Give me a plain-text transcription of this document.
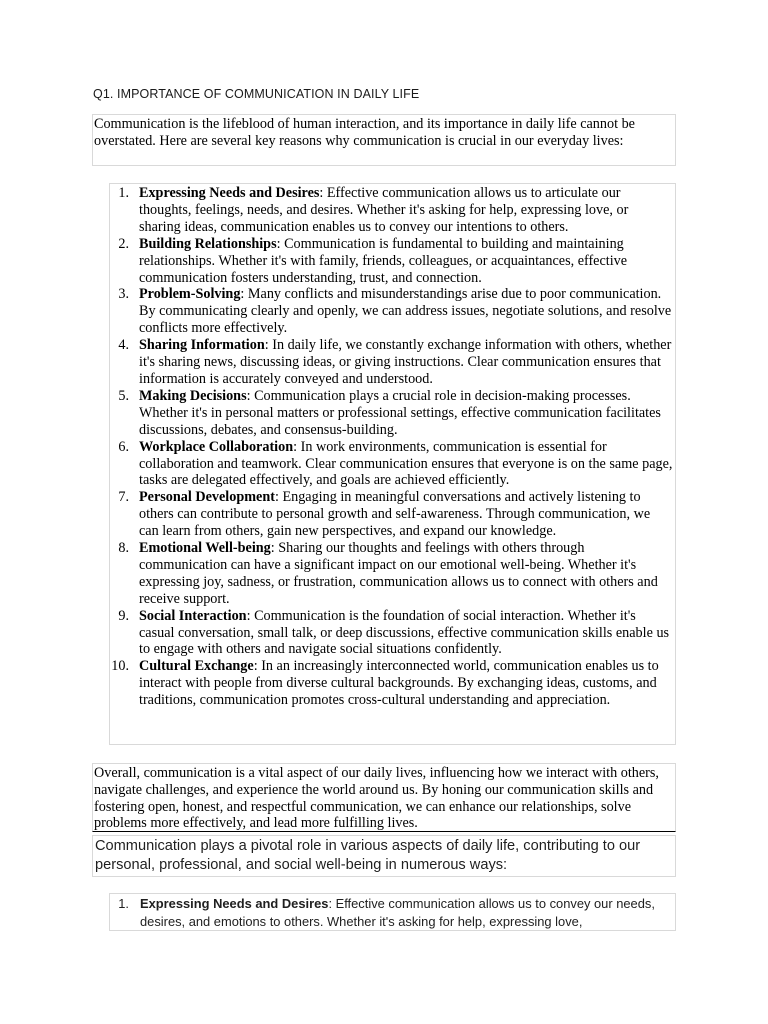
Q1. IMPORTANCE OF COMMUNICATION IN DAILY LIFE
Communication is the lifeblood of human interaction, and its importance in daily life cannot be overstated. Here are several key reasons why communication is crucial in our everyday lives:
1. Expressing Needs and Desires: Effective communication allows us to articulate our thoughts, feelings, needs, and desires. Whether it's asking for help, expressing love, or sharing ideas, communication enables us to convey our intentions to others.
2. Building Relationships: Communication is fundamental to building and maintaining relationships. Whether it's with family, friends, colleagues, or acquaintances, effective communication fosters understanding, trust, and connection.
3. Problem-Solving: Many conflicts and misunderstandings arise due to poor communication. By communicating clearly and openly, we can address issues, negotiate solutions, and resolve conflicts more effectively.
4. Sharing Information: In daily life, we constantly exchange information with others, whether it's sharing news, discussing ideas, or giving instructions. Clear communication ensures that information is accurately conveyed and understood.
5. Making Decisions: Communication plays a crucial role in decision-making processes. Whether it's in personal matters or professional settings, effective communication facilitates discussions, debates, and consensus-building.
6. Workplace Collaboration: In work environments, communication is essential for collaboration and teamwork. Clear communication ensures that everyone is on the same page, tasks are delegated effectively, and goals are achieved efficiently.
7. Personal Development: Engaging in meaningful conversations and actively listening to others can contribute to personal growth and self-awareness. Through communication, we can learn from others, gain new perspectives, and expand our knowledge.
8. Emotional Well-being: Sharing our thoughts and feelings with others through communication can have a significant impact on our emotional well-being. Whether it's expressing joy, sadness, or frustration, communication allows us to connect with others and receive support.
9. Social Interaction: Communication is the foundation of social interaction. Whether it's casual conversation, small talk, or deep discussions, effective communication skills enable us to engage with others and navigate social situations confidently.
10. Cultural Exchange: In an increasingly interconnected world, communication enables us to interact with people from diverse cultural backgrounds. By exchanging ideas, customs, and traditions, communication promotes cross-cultural understanding and appreciation.
Overall, communication is a vital aspect of our daily lives, influencing how we interact with others, navigate challenges, and experience the world around us. By honing our communication skills and fostering open, honest, and respectful communication, we can enhance our relationships, solve problems more effectively, and lead more fulfilling lives.
Communication plays a pivotal role in various aspects of daily life, contributing to our personal, professional, and social well-being in numerous ways:
1. Expressing Needs and Desires: Effective communication allows us to convey our needs, desires, and emotions to others. Whether it's asking for help, expressing love,
